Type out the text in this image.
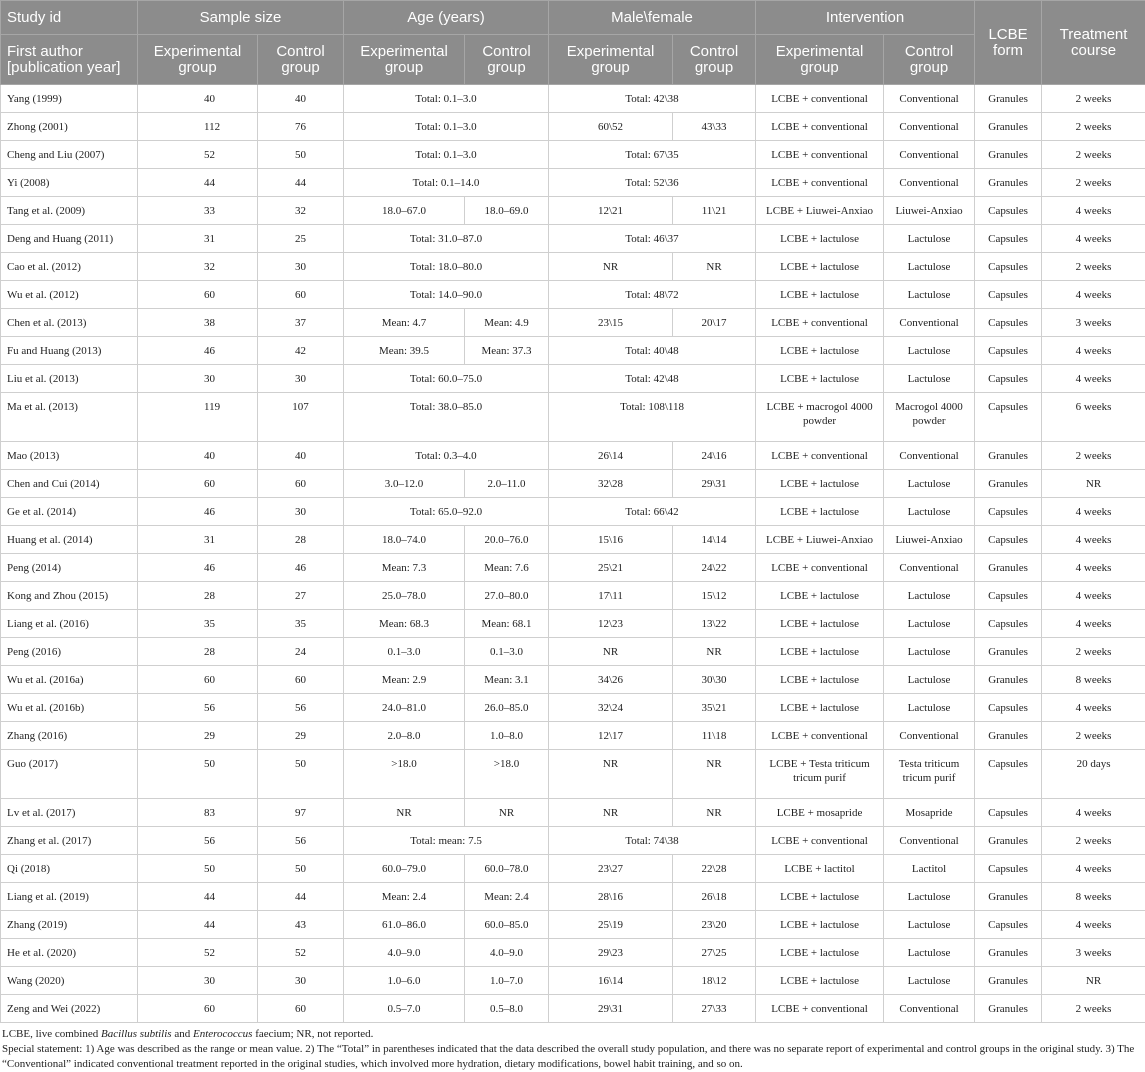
Study id	Sample size		Age (years)		Male\female		Intervention		LCBE form	Treatment course
First author [publication year]	Experimental group	Control group	Experimental group	Control group	Experimental group	Control group	Experimental group	Control group		
Yang (1999)	40	40	Total: 0.1–3.0		Total: 42\38		LCBE + conventional	Conventional	Granules	2 weeks
Zhong (2001)	112	76	Total: 0.1–3.0		60\52	43\33	LCBE + conventional	Conventional	Granules	2 weeks
Cheng and Liu (2007)	52	50	Total: 0.1–3.0		Total: 67\35		LCBE + conventional	Conventional	Granules	2 weeks
Yi (2008)	44	44	Total: 0.1–14.0		Total: 52\36		LCBE + conventional	Conventional	Granules	2 weeks
Tang et al. (2009)	33	32	18.0–67.0	18.0–69.0	12\21	11\21	LCBE + Liuwei-Anxiao	Liuwei-Anxiao	Capsules	4 weeks
Deng and Huang (2011)	31	25	Total: 31.0–87.0		Total: 46\37		LCBE + lactulose	Lactulose	Capsules	4 weeks
Cao et al. (2012)	32	30	Total: 18.0–80.0		NR	NR	LCBE + lactulose	Lactulose	Capsules	2 weeks
Wu et al. (2012)	60	60	Total: 14.0–90.0		Total: 48\72		LCBE + lactulose	Lactulose	Capsules	4 weeks
Chen et al. (2013)	38	37	Mean: 4.7	Mean: 4.9	23\15	20\17	LCBE + conventional	Conventional	Capsules	3 weeks
Fu and Huang (2013)	46	42	Mean: 39.5	Mean: 37.3	Total: 40\48		LCBE + lactulose	Lactulose	Capsules	4 weeks
Liu et al. (2013)	30	30	Total: 60.0–75.0		Total: 42\48		LCBE + lactulose	Lactulose	Capsules	4 weeks
Ma et al. (2013)	119	107	Total: 38.0–85.0		Total: 108\118		LCBE + macrogol 4000 powder	Macrogol 4000 powder	Capsules	6 weeks
Mao (2013)	40	40	Total: 0.3–4.0		26\14	24\16	LCBE + conventional	Conventional	Granules	2 weeks
Chen and Cui (2014)	60	60	3.0–12.0	2.0–11.0	32\28	29\31	LCBE + lactulose	Lactulose	Granules	NR
Ge et al. (2014)	46	30	Total: 65.0–92.0		Total: 66\42		LCBE + lactulose	Lactulose	Capsules	4 weeks
Huang et al. (2014)	31	28	18.0–74.0	20.0–76.0	15\16	14\14	LCBE + Liuwei-Anxiao	Liuwei-Anxiao	Capsules	4 weeks
Peng (2014)	46	46	Mean: 7.3	Mean: 7.6	25\21	24\22	LCBE + conventional	Conventional	Granules	4 weeks
Kong and Zhou (2015)	28	27	25.0–78.0	27.0–80.0	17\11	15\12	LCBE + lactulose	Lactulose	Capsules	4 weeks
Liang et al. (2016)	35	35	Mean: 68.3	Mean: 68.1	12\23	13\22	LCBE + lactulose	Lactulose	Capsules	4 weeks
Peng (2016)	28	24	0.1–3.0	0.1–3.0	NR	NR	LCBE + lactulose	Lactulose	Granules	2 weeks
Wu et al. (2016a)	60	60	Mean: 2.9	Mean: 3.1	34\26	30\30	LCBE + lactulose	Lactulose	Granules	8 weeks
Wu et al. (2016b)	56	56	24.0–81.0	26.0–85.0	32\24	35\21	LCBE + lactulose	Lactulose	Capsules	4 weeks
Zhang (2016)	29	29	2.0–8.0	1.0–8.0	12\17	11\18	LCBE + conventional	Conventional	Granules	2 weeks
Guo (2017)	50	50	>18.0	>18.0	NR	NR	LCBE + Testa triticum tricum purif	Testa triticum tricum purif	Capsules	20 days
Lv et al. (2017)	83	97	NR	NR	NR	NR	LCBE + mosapride	Mosapride	Capsules	4 weeks
Zhang et al. (2017)	56	56	Total: mean: 7.5		Total: 74\38		LCBE + conventional	Conventional	Granules	2 weeks
Qi (2018)	50	50	60.0–79.0	60.0–78.0	23\27	22\28	LCBE + lactitol	Lactitol	Capsules	4 weeks
Liang et al. (2019)	44	44	Mean: 2.4	Mean: 2.4	28\16	26\18	LCBE + lactulose	Lactulose	Granules	8 weeks
Zhang (2019)	44	43	61.0–86.0	60.0–85.0	25\19	23\20	LCBE + lactulose	Lactulose	Capsules	4 weeks
He et al. (2020)	52	52	4.0–9.0	4.0–9.0	29\23	27\25	LCBE + lactulose	Lactulose	Granules	3 weeks
Wang (2020)	30	30	1.0–6.0	1.0–7.0	16\14	18\12	LCBE + lactulose	Lactulose	Granules	NR
Zeng and Wei (2022)	60	60	0.5–7.0	0.5–8.0	29\31	27\33	LCBE + conventional	Conventional	Granules	2 weeks

LCBE, live combined Bacillus subtilis and Enterococcus faecium; NR, not reported.

Special statement: 1) Age was described as the range or mean value. 2) The “Total” in parentheses indicated that the data described the overall study population, and there was no separate report of experimental and control groups in the original study. 3) The “Conventional” indicated conventional treatment reported in the original studies, which involved more hydration, dietary modifications, bowel habit training, and so on.
